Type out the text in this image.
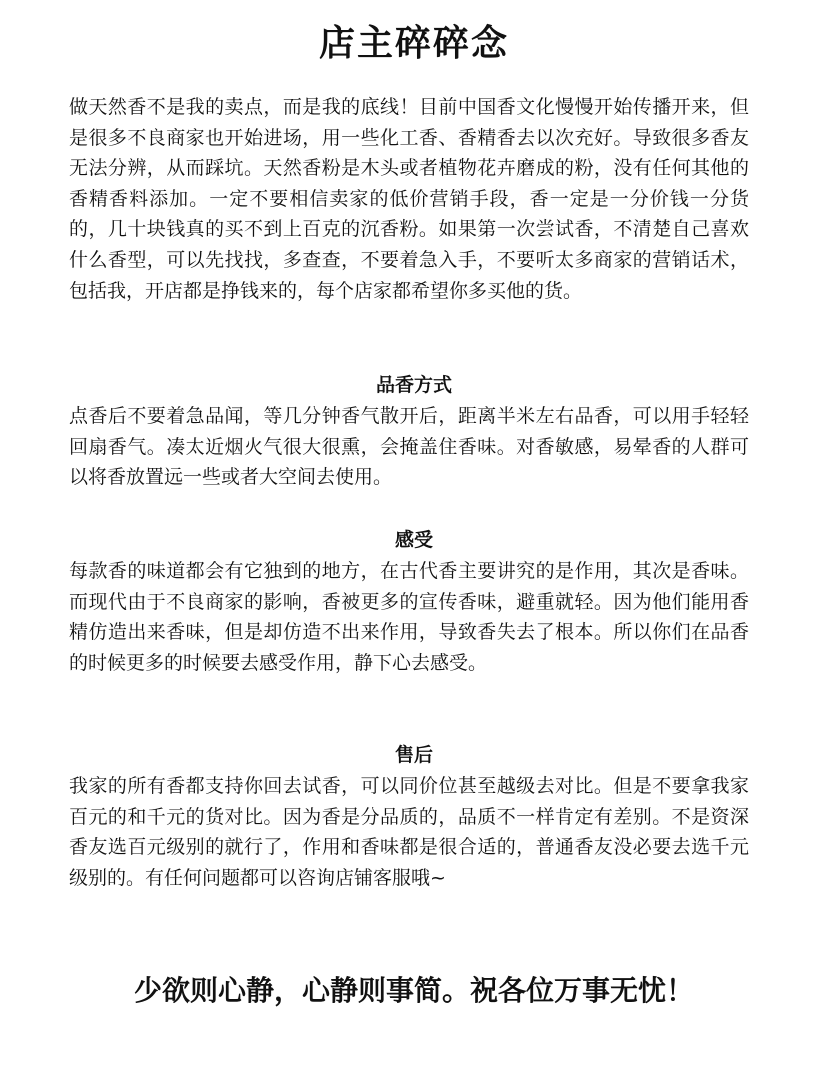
店主碎碎念

做天然香不是我的卖点，而是我的底线！目前中国香文化慢慢开始传播开来，但是很多不良商家也开始进场，用一些化工香、香精香去以次充好。导致很多香友无法分辨，从而踩坑。天然香粉是木头或者植物花卉磨成的粉，没有任何其他的香精香料添加。一定不要相信卖家的低价营销手段，香一定是一分价钱一分货的，几十块钱真的买不到上百克的沉香粉。如果第一次尝试香，不清楚自己喜欢什么香型，可以先找找，多查查，不要着急入手，不要听太多商家的营销话术，包括我，开店都是挣钱来的，每个店家都希望你多买他的货。

品香方式

点香后不要着急品闻，等几分钟香气散开后，距离半米左右品香，可以用手轻轻回扇香气。凑太近烟火气很大很熏，会掩盖住香味。对香敏感，易晕香的人群可以将香放置远一些或者大空间去使用。

感受

每款香的味道都会有它独到的地方，在古代香主要讲究的是作用，其次是香味。而现代由于不良商家的影响，香被更多的宣传香味，避重就轻。因为他们能用香精仿造出来香味，但是却仿造不出来作用，导致香失去了根本。所以你们在品香的时候更多的时候要去感受作用，静下心去感受。

售后

我家的所有香都支持你回去试香，可以同价位甚至越级去对比。但是不要拿我家百元的和千元的货对比。因为香是分品质的，品质不一样肯定有差别。不是资深香友选百元级别的就行了，作用和香味都是很合适的，普通香友没必要去选千元级别的。有任何问题都可以咨询店铺客服哦~

少欲则心静，心静则事简。祝各位万事无忧！
